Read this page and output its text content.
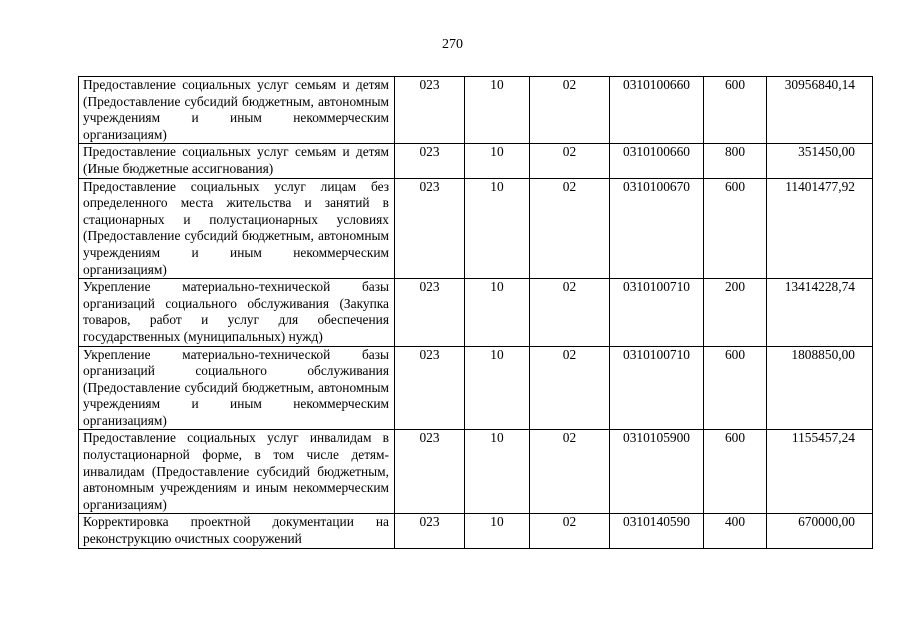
270
Предоставление социальных услуг семьям и детям (Предоставление субсидий бюджетным, автономным учреждениям и иным некоммерческим организациям)	023	10	02	0310100660	600	30956840,14
Предоставление социальных услуг семьям и детям (Иные бюджетные ассигнования)	023	10	02	0310100660	800	351450,00
Предоставление социальных услуг лицам без определенного места жительства и занятий в стационарных и полустационарных условиях (Предоставление субсидий бюджетным, автономным учреждениям и иным некоммерческим организациям)	023	10	02	0310100670	600	11401477,92
Укрепление материально-технической базы организаций социального обслуживания (Закупка товаров, работ и услуг для обеспечения государственных (муниципальных) нужд)	023	10	02	0310100710	200	13414228,74
Укрепление материально-технической базы организаций социального обслуживания (Предоставление субсидий бюджетным, автономным учреждениям и иным некоммерческим организациям)	023	10	02	0310100710	600	1808850,00
Предоставление социальных услуг инвалидам в полустационарной форме, в том числе детям-инвалидам (Предоставление субсидий бюджетным, автономным учреждениям и иным некоммерческим организациям)	023	10	02	0310105900	600	1155457,24
Корректировка проектной документации на реконструкцию очистных сооружений	023	10	02	0310140590	400	670000,00
